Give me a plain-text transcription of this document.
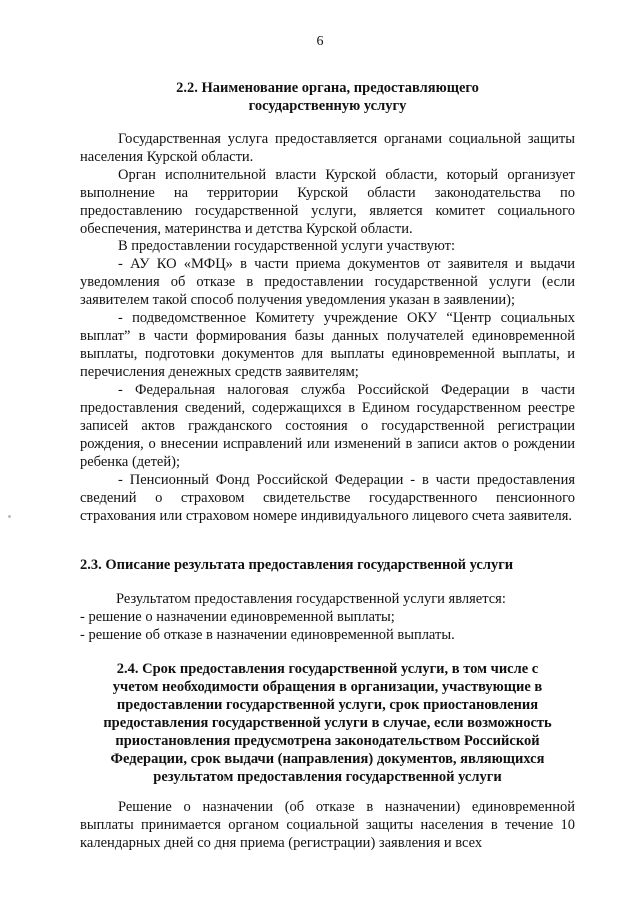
6
2.2. Наименование органа, предоставляющего
государственную услугу
Государственная услуга предоставляется органами социальной защиты населения Курской области.
Орган исполнительной власти Курской области, который организует выполнение на территории Курской области законодательства по предоставлению государственной услуги, является комитет социального обеспечения, материнства и детства Курской области.
В предоставлении государственной услуги участвуют:
- АУ КО «МФЦ» в части приема документов от заявителя и выдачи уведомления об отказе в предоставлении государственной услуги (если заявителем такой способ получения уведомления указан в заявлении);
- подведомственное Комитету учреждение ОКУ “Центр социальных выплат” в части формирования базы данных получателей единовременной выплаты, подготовки документов для выплаты единовременной выплаты, и перечисления денежных средств заявителям;
- Федеральная налоговая служба Российской Федерации в части предоставления сведений, содержащихся в Едином государственном реестре записей актов гражданского состояния о государственной регистрации рождения, о внесении исправлений или изменений в записи актов о рождении ребенка (детей);
- Пенсионный Фонд Российской Федерации - в части предоставления сведений о страховом свидетельстве государственного пенсионного страхования или страховом номере индивидуального лицевого счета заявителя.
2.3. Описание результата предоставления государственной услуги
Результатом предоставления государственной услуги является:
- решение о назначении единовременной выплаты;
- решение об отказе в назначении единовременной выплаты.
2.4. Срок предоставления государственной услуги, в том числе с
учетом необходимости обращения в организации, участвующие в
предоставлении государственной услуги, срок приостановления
предоставления государственной услуги в случае, если возможность
приостановления предусмотрена законодательством Российской
Федерации, срок выдачи (направления) документов, являющихся
результатом предоставления государственной услуги
Решение о назначении (об отказе в назначении) единовременной выплаты принимается органом социальной защиты населения в течение 10 календарных дней со дня приема (регистрации) заявления и всех
